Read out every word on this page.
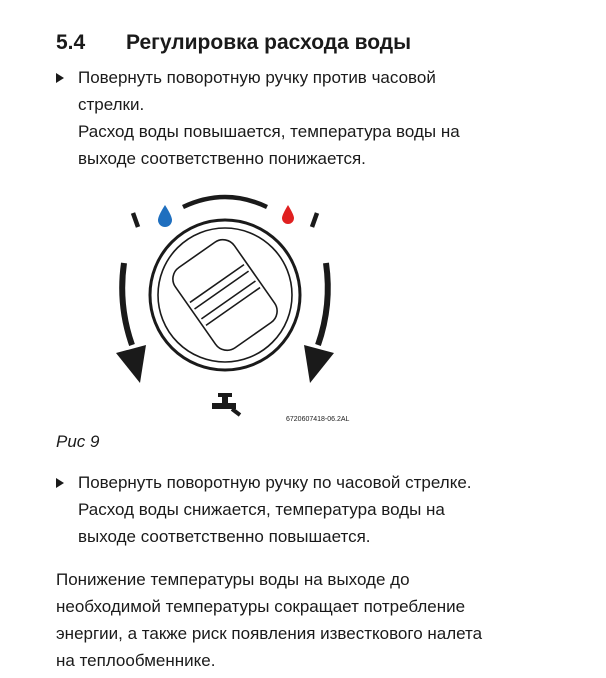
5.4 Регулировка расхода воды
Повернуть поворотную ручку против часовой
стрелки.
Расход воды повышается, температура воды на
выходе соответственно понижается.
6720607418-06.2AL
Рис 9
Повернуть поворотную ручку по часовой стрелке.
Расход воды снижается, температура воды на
выходе соответственно повышается.
Понижение температуры воды на выходе до
необходимой температуры сокращает потребление
энергии, а также риск появления известкового налета
на теплообменнике.
